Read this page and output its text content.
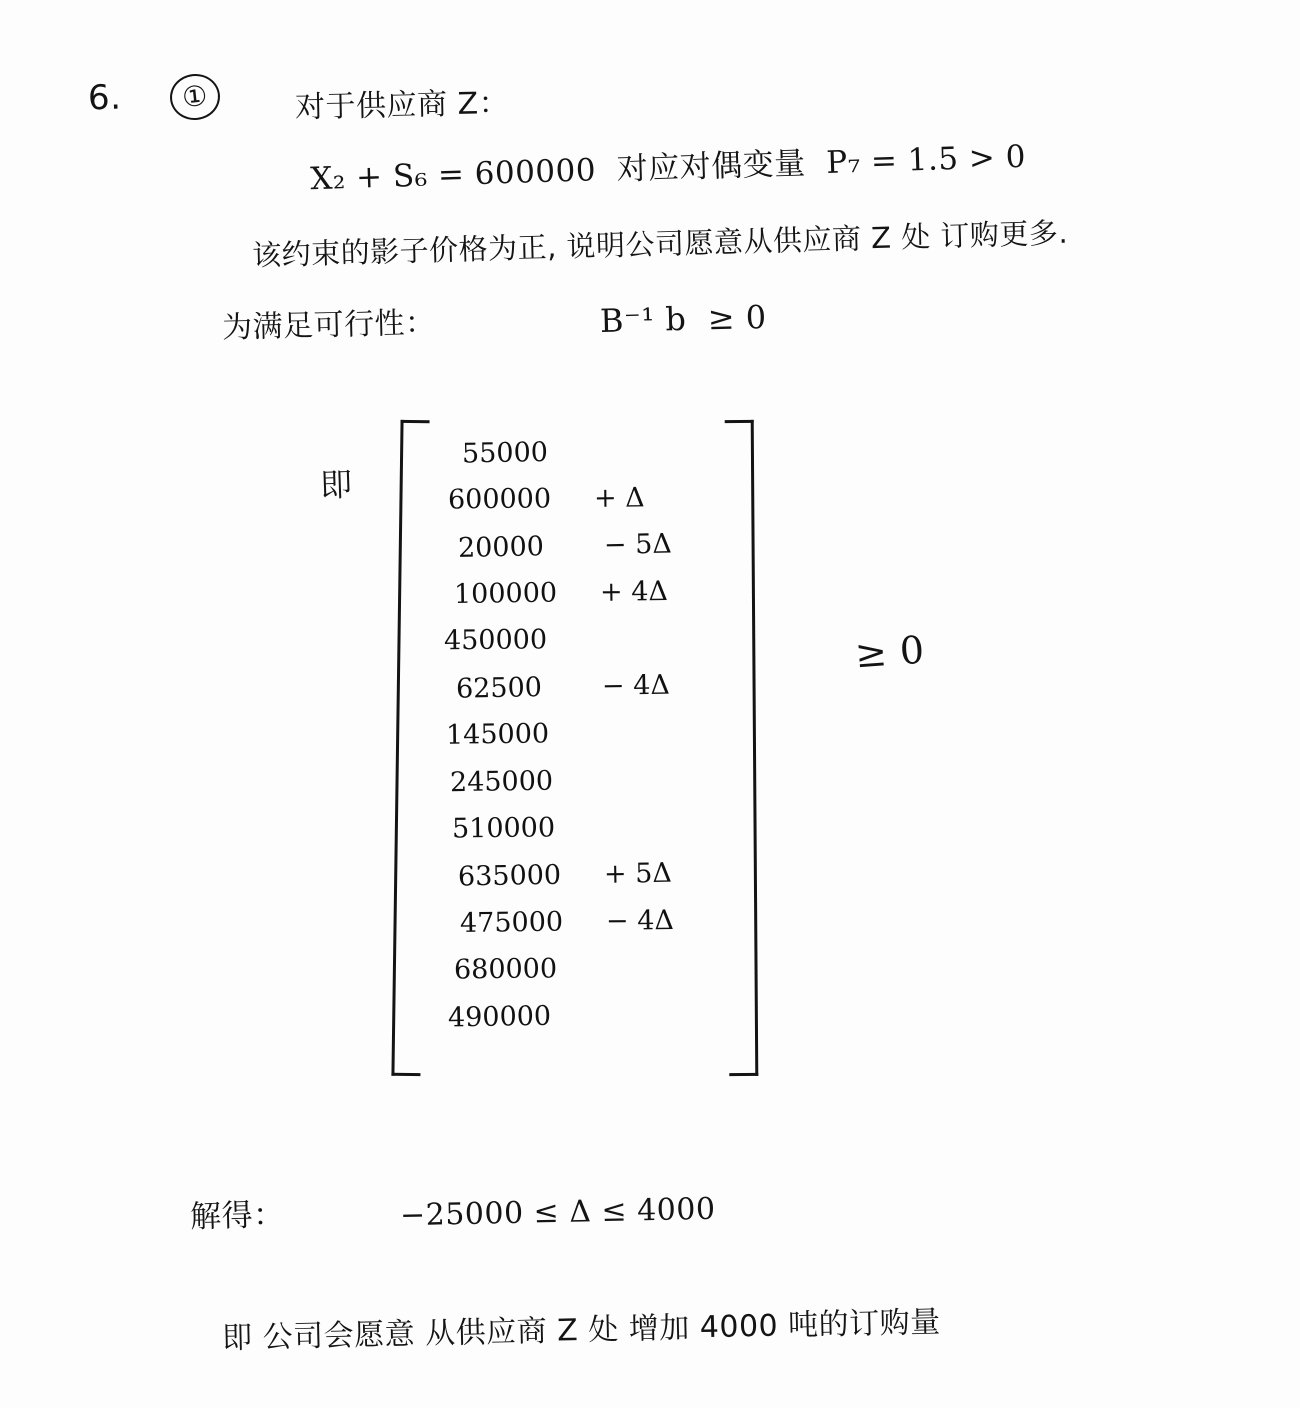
6.	①	对于供应商 Z：
X₂ + S₆ = 600000  对应对偶变量  P₇ = 1.5 > 0
该约束的影子价格为正, 说明公司愿意从供应商 Z 处 订购更多.
为满足可行性：	B⁻¹ b  ≥ 0
即
55000
600000	+ Δ
20000	− 5Δ
100000	+ 4Δ
450000
62500	− 4Δ
145000
245000
510000
635000	+ 5Δ
475000	− 4Δ
680000
490000
≥ 0
解得：	−25000 ≤ Δ ≤ 4000
即 公司会愿意 从供应商 Z 处 增加 4000 吨的订购量
